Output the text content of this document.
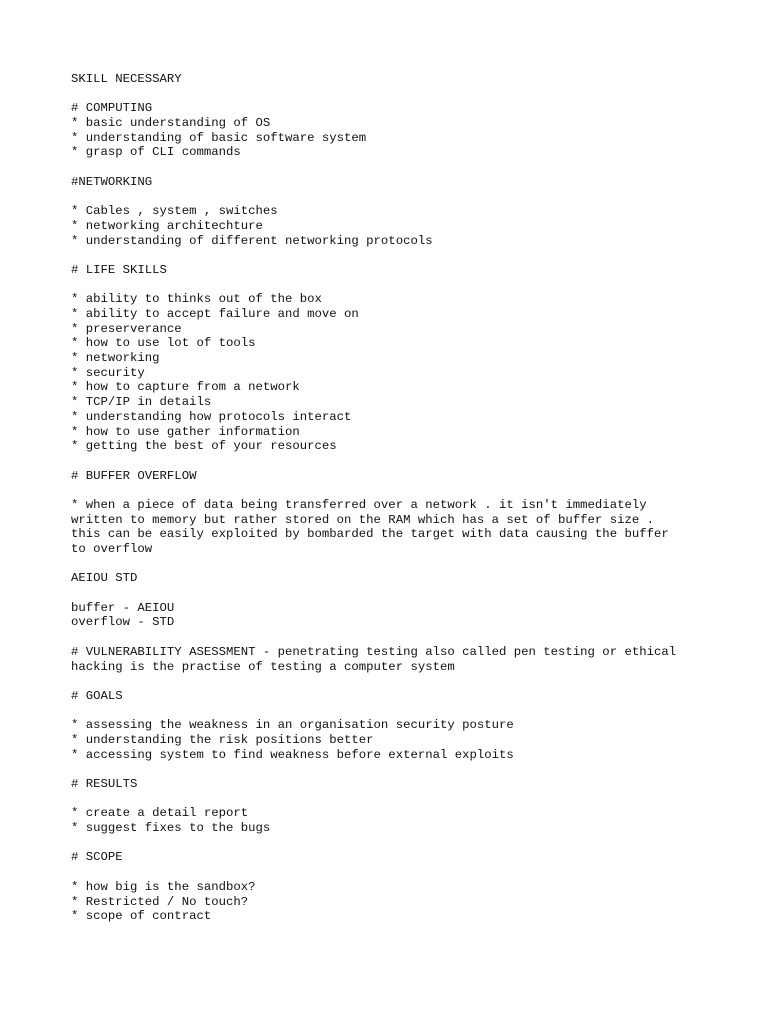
SKILL NECESSARY
# COMPUTING
* basic understanding of OS
* understanding of basic software system
* grasp of CLI commands
#NETWORKING
* Cables , system , switches
* networking architechture
* understanding of different networking protocols
# LIFE SKILLS
* ability to thinks out of the box
* ability to accept failure and move on
* preserverance
* how to use lot of tools
* networking
* security
* how to capture from a network
* TCP/IP in details
* understanding how protocols interact
* how to use gather information
* getting the best of your resources
# BUFFER OVERFLOW
* when a piece of data being transferred over a network . it isn't immediately
written to memory but rather stored on the RAM which has a set of buffer size .
this can be easily exploited by bombarded the target with data causing the buffer
to overflow
AEIOU STD
buffer - AEIOU
overflow - STD
# VULNERABILITY ASESSMENT - penetrating testing also called pen testing or ethical
hacking is the practise of testing a computer system
# GOALS
* assessing the weakness in an organisation security posture
* understanding the risk positions better
* accessing system to find weakness before external exploits
# RESULTS
* create a detail report
* suggest fixes to the bugs
# SCOPE
* how big is the sandbox?
* Restricted / No touch?
* scope of contract
